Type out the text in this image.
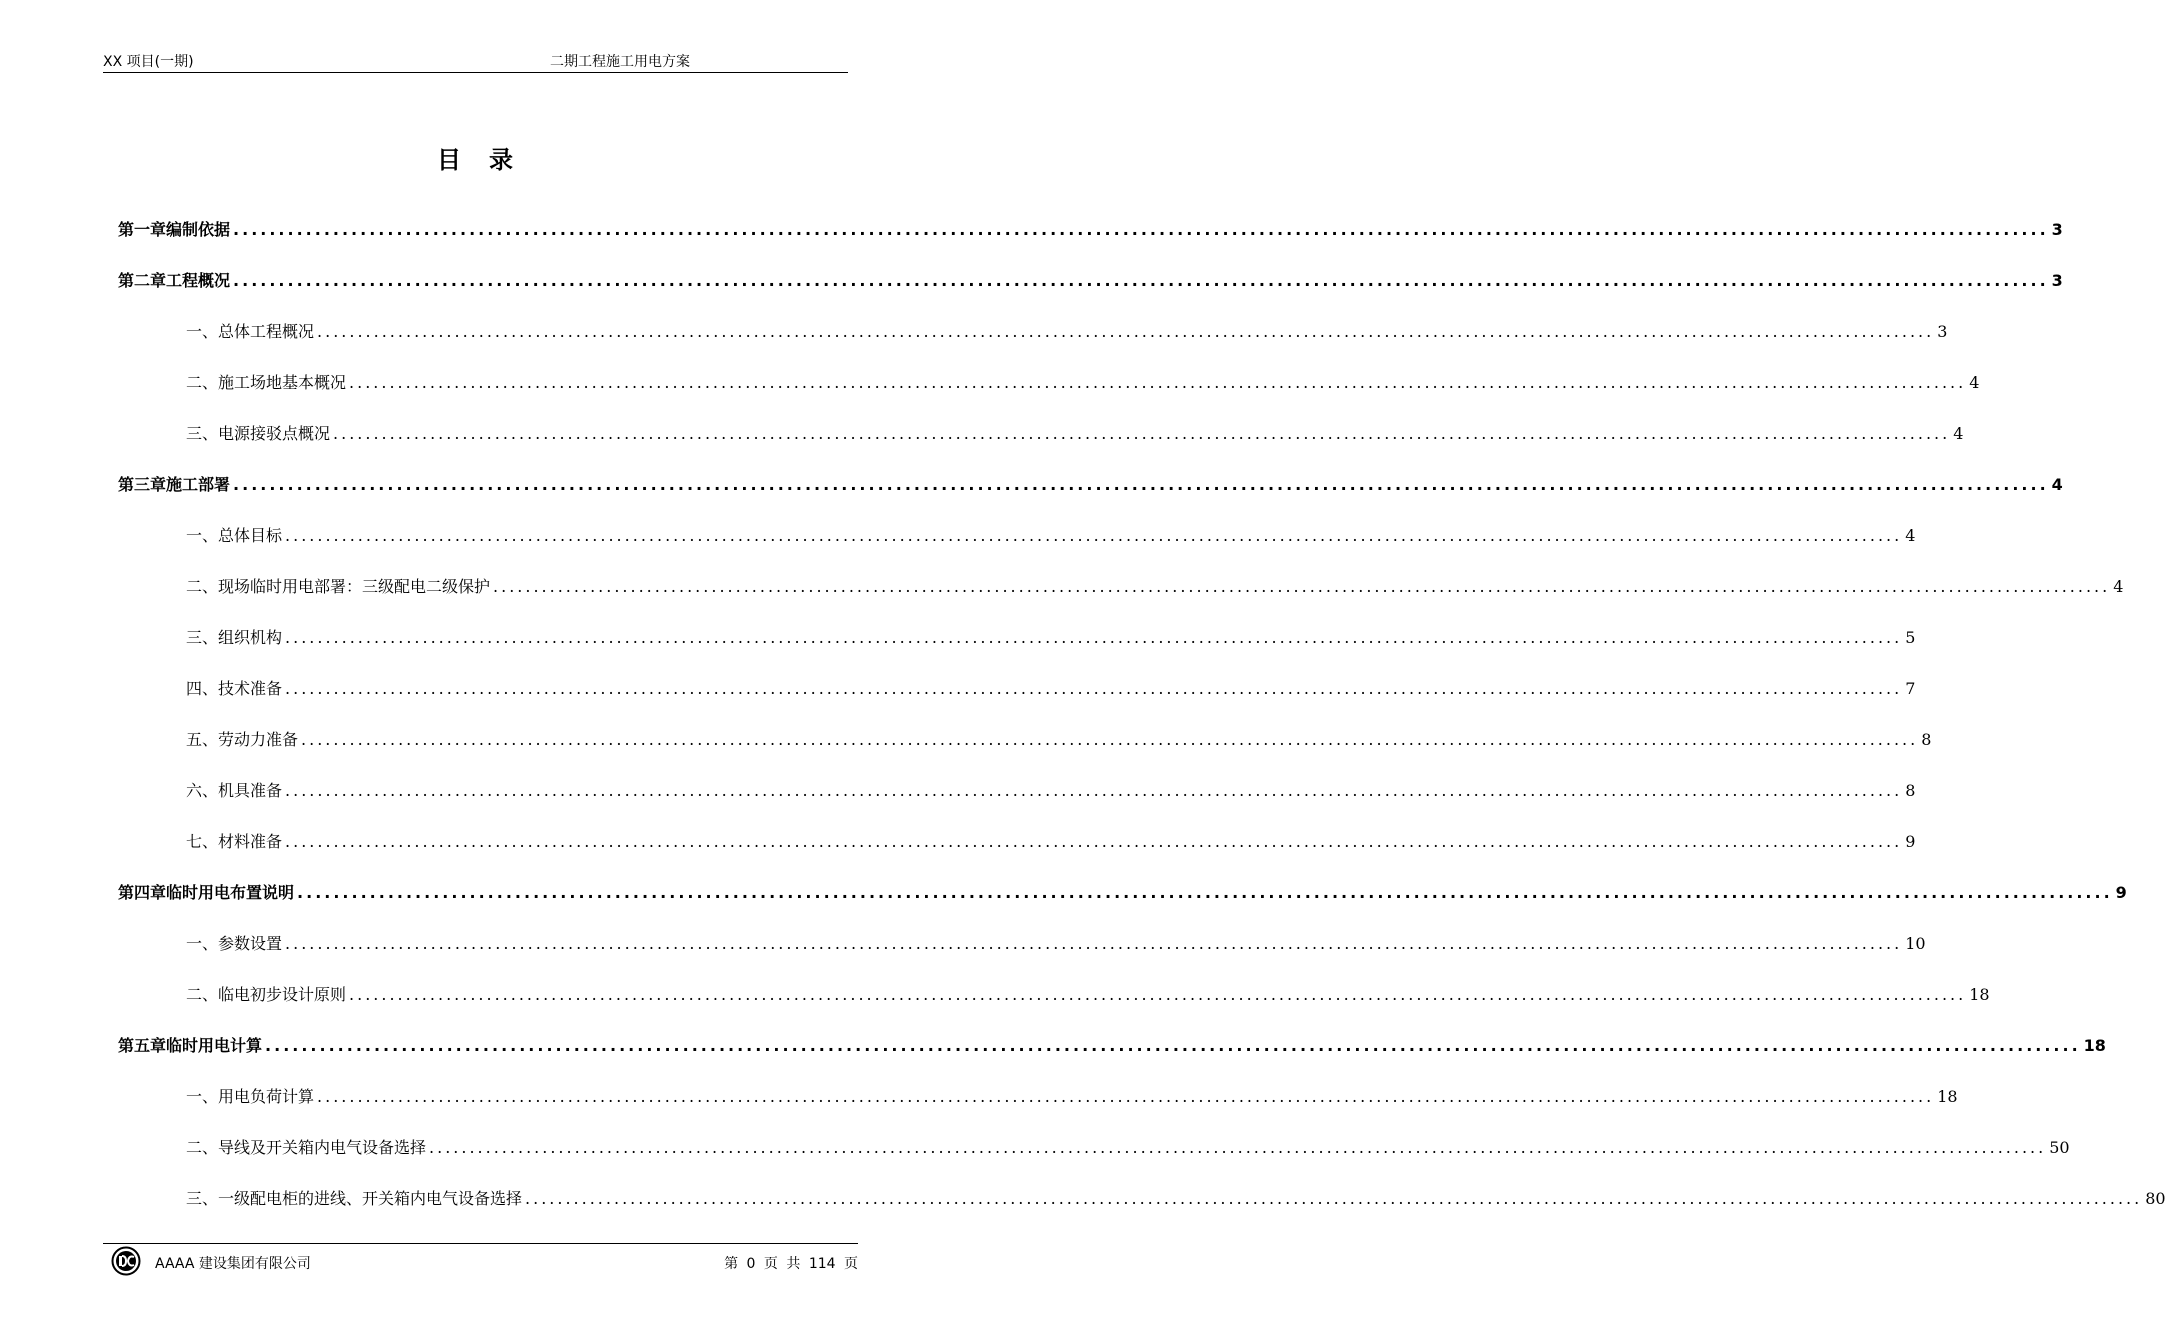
XX 项目(一期)	二期工程施工用电方案
目录
第一章 编制依据 ........................................................................................................................................................................................................ 3
第二章 工程概况 ........................................................................................................................................................................................................ 3
一、 总体工程概况 ........................................................................................................................................................................................................ 3
二、 施工场地基本概况 ........................................................................................................................................................................................................ 4
三、 电源接驳点概况 ........................................................................................................................................................................................................ 4
第三章 施工部署 ........................................................................................................................................................................................................ 4
一、 总体目标 ........................................................................................................................................................................................................ 4
二、 现场临时用电部署：三级配电二级保护 ........................................................................................................................................................................................................ 4
三、 组织机构 ........................................................................................................................................................................................................ 5
四、 技术准备 ........................................................................................................................................................................................................ 7
五、 劳动力准备 ........................................................................................................................................................................................................ 8
六、 机具准备 ........................................................................................................................................................................................................ 8
七、 材料准备 ........................................................................................................................................................................................................ 9
第四章 临时用电布置说明 ........................................................................................................................................................................................................ 9
一、 参数设置 ........................................................................................................................................................................................................ 10
二、 临电初步设计原则 ........................................................................................................................................................................................................ 18
第五章 临时用电计算 ........................................................................................................................................................................................................ 18
一、 用电负荷计算 ........................................................................................................................................................................................................ 18
二、 导线及开关箱内电气设备选择 ........................................................................................................................................................................................................ 50
三、 一级配电柜的进线、开关箱内电气设备选择 ........................................................................................................................................................................................................ 80
AAAA 建设集团有限公司	第 0 页 共 114 页
